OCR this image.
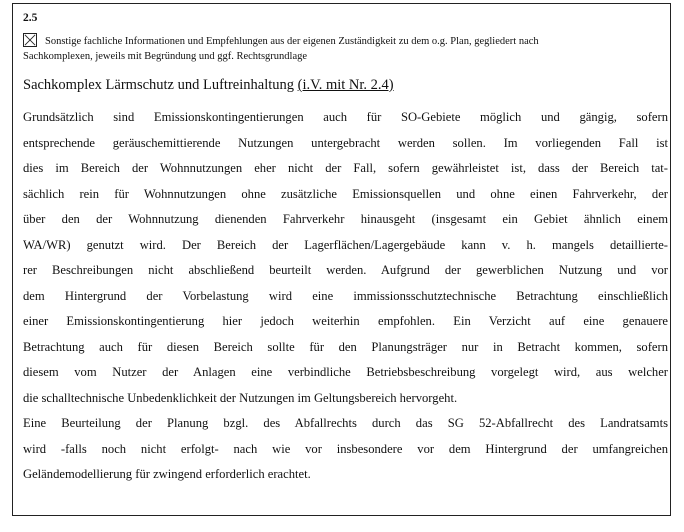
2.5
Sonstige fachliche Informationen und Empfehlungen aus der eigenen Zuständigkeit zu dem o.g. Plan, gegliedert nach
Sachkomplexen, jeweils mit Begründung und ggf. Rechtsgrundlage
Sachkomplex Lärmschutz und Luftreinhaltung (i.V. mit Nr. 2.4)
Grundsätzlich sind Emissionskontingentierungen auch für SO-Gebiete möglich und gängig, sofern
entsprechende geräuschemittierende Nutzungen untergebracht werden sollen. Im vorliegenden Fall ist
dies im Bereich der Wohnnutzungen eher nicht der Fall, sofern gewährleistet ist, dass der Bereich tat-
sächlich rein für Wohnnutzungen ohne zusätzliche Emissionsquellen und ohne einen Fahrverkehr, der
über den der Wohnnutzung dienenden Fahrverkehr hinausgeht (insgesamt ein Gebiet ähnlich einem
WA/WR) genutzt wird. Der Bereich der Lagerflächen/Lagergebäude kann v. h. mangels detaillierte-
rer Beschreibungen nicht abschließend beurteilt werden. Aufgrund der gewerblichen Nutzung und vor
dem Hintergrund der Vorbelastung wird eine immissionsschutztechnische Betrachtung einschließlich
einer Emissionskontingentierung hier jedoch weiterhin empfohlen. Ein Verzicht auf eine genauere
Betrachtung auch für diesen Bereich sollte für den Planungsträger nur in Betracht kommen, sofern
diesem vom Nutzer der Anlagen eine verbindliche Betriebsbeschreibung vorgelegt wird, aus welcher
die schalltechnische Unbedenklichkeit der Nutzungen im Geltungsbereich hervorgeht.
Eine Beurteilung der Planung bzgl. des Abfallrechts durch das SG 52-Abfallrecht des Landratsamts
wird -falls noch nicht erfolgt- nach wie vor insbesondere vor dem Hintergrund der umfangreichen
Geländemodellierung für zwingend erforderlich erachtet.
